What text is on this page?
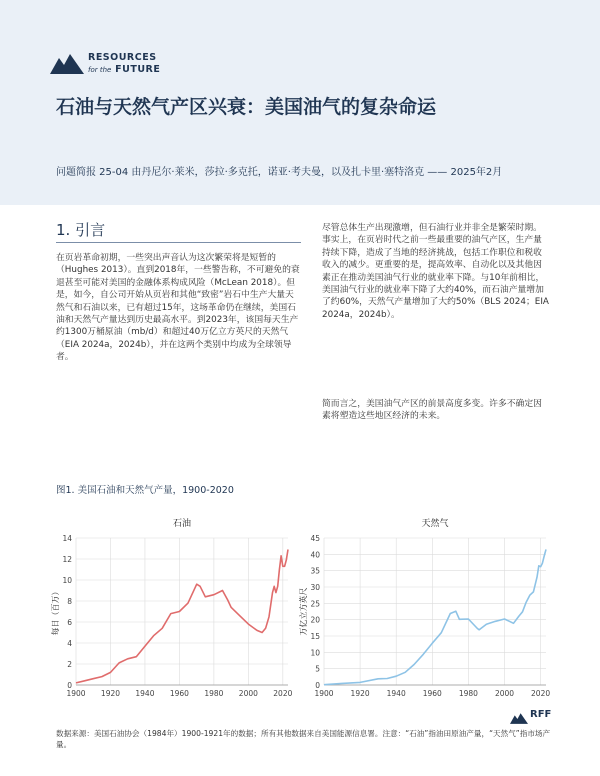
RESOURCES
for the FUTURE
石油与天然气产区兴衰：美国油气的复杂命运

问题简报 25-04 由丹尼尔·莱米，莎拉·多克托，诺亚·考夫曼，以及扎卡里·塞特洛克 —— 2025年2月

1. 引言

在页岩革命初期，一些突出声音认为这次繁荣将是短暂的（Hughes 2013）。直到2018年，一些警告称，不可避免的衰退甚至可能对美国的金融体系构成风险（McLean 2018）。但是，如今，自公司开始从页岩和其他“致密”岩石中生产大量天然气和石油以来，已有超过15年，这场革命仍在继续，美国石油和天然气产量达到历史最高水平。到2023年，该国每天生产约1300万桶原油（mb/d）和超过40万亿立方英尺的天然气（EIA 2024a，2024b），并在这两个类别中均成为全球领导者。

尽管总体生产出现激增，但石油行业并非全是繁荣时期。事实上，在页岩时代之前一些最重要的油气产区，生产量持续下降，造成了当地的经济挑战，包括工作职位和税收收入的减少。更重要的是，提高效率、自动化以及其他因素正在推动美国油气行业的就业率下降。与10年前相比，美国油气行业的就业率下降了大约40%，而石油产量增加了约60%，天然气产量增加了大约50%（BLS 2024；EIA 2024a，2024b）。

简而言之，美国油气产区的前景高度多变。许多不确定因素将塑造这些地区经济的未来。

图1. 美国石油和天然气产量，1900-2020

0
2
4
6
8
10
12
14
1900 1920 1940 1960 1980 2000 2020
石油
每日（百万）
0
5
10
15
20
25
30
35
40
45
1900 1920 1940 1960 1980 2000 2020
天然气
万亿立方英尺
RFF

数据来源：美国石油协会（1984年）1900-1921年的数据；所有其他数据来自美国能源信息署。注意：“石油”指油田原油产量，“天然气”指市场产量。
